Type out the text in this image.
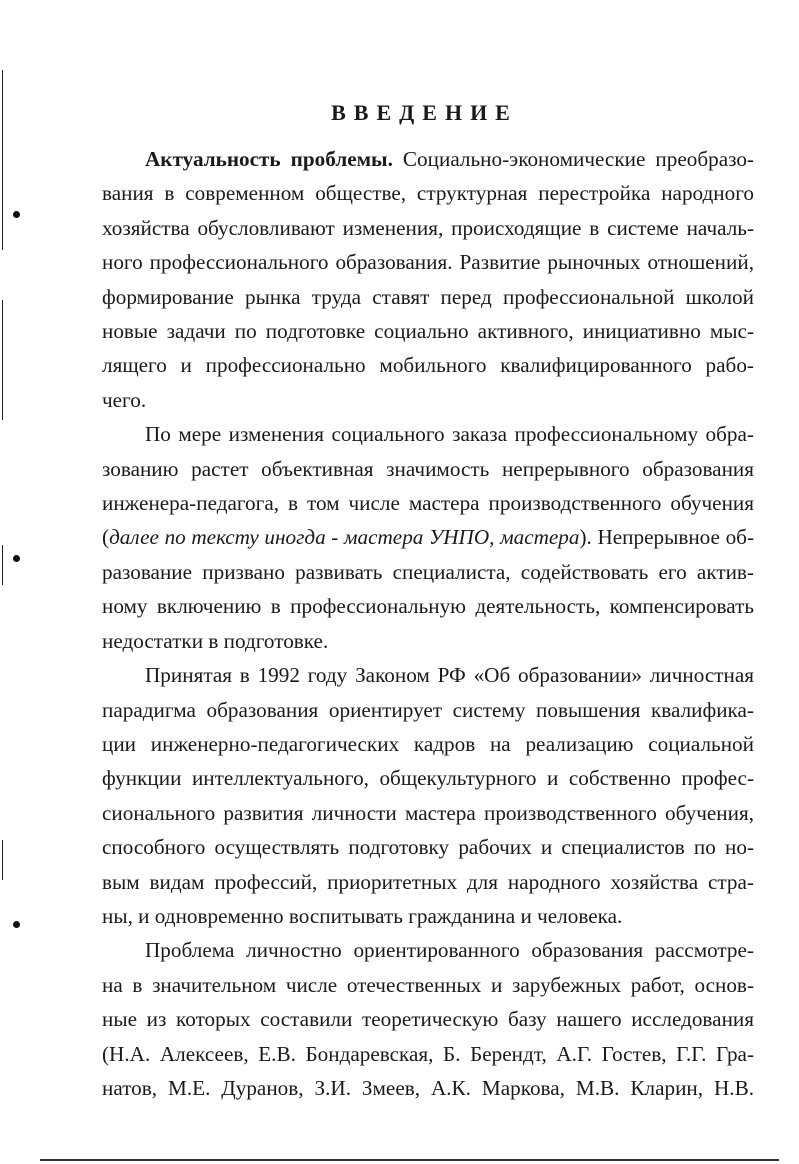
ВВЕДЕНИЕ

Актуальность проблемы. Социально-экономические преобразо-
вания в современном обществе, структурная перестройка народного
хозяйства обусловливают изменения, происходящие в системе началь-
ного профессионального образования. Развитие рыночных отношений,
формирование рынка труда ставят перед профессиональной школой
новые задачи по подготовке социально активного, инициативно мыс-
лящего и профессионально мобильного квалифицированного рабо-
чего.

По мере изменения социального заказа профессиональному обра-
зованию растет объективная значимость непрерывного образования
инженера-педагога, в том числе мастера производственного обучения
(далее по тексту иногда - мастера УНПО, мастера). Непрерывное об-
разование призвано развивать специалиста, содействовать его актив-
ному включению в профессиональную деятельность, компенсировать
недостатки в подготовке.

Принятая в 1992 году Законом РФ «Об образовании» личностная
парадигма образования ориентирует систему повышения квалифика-
ции инженерно-педагогических кадров на реализацию социальной
функции интеллектуального, общекультурного и собственно профес-
сионального развития личности мастера производственного обучения,
способного осуществлять подготовку рабочих и специалистов по но-
вым видам профессий, приоритетных для народного хозяйства стра-
ны, и одновременно воспитывать гражданина и человека.

Проблема личностно ориентированного образования рассмотре-
на в значительном числе отечественных и зарубежных работ, основ-
ные из которых составили теоретическую базу нашего исследования
(Н.А. Алексеев, Е.В. Бондаревская, Б. Берендт, А.Г. Гостев, Г.Г. Гра-
натов, М.Е. Дуранов, З.И. Змеев, А.К. Маркова, М.В. Кларин, Н.В.
